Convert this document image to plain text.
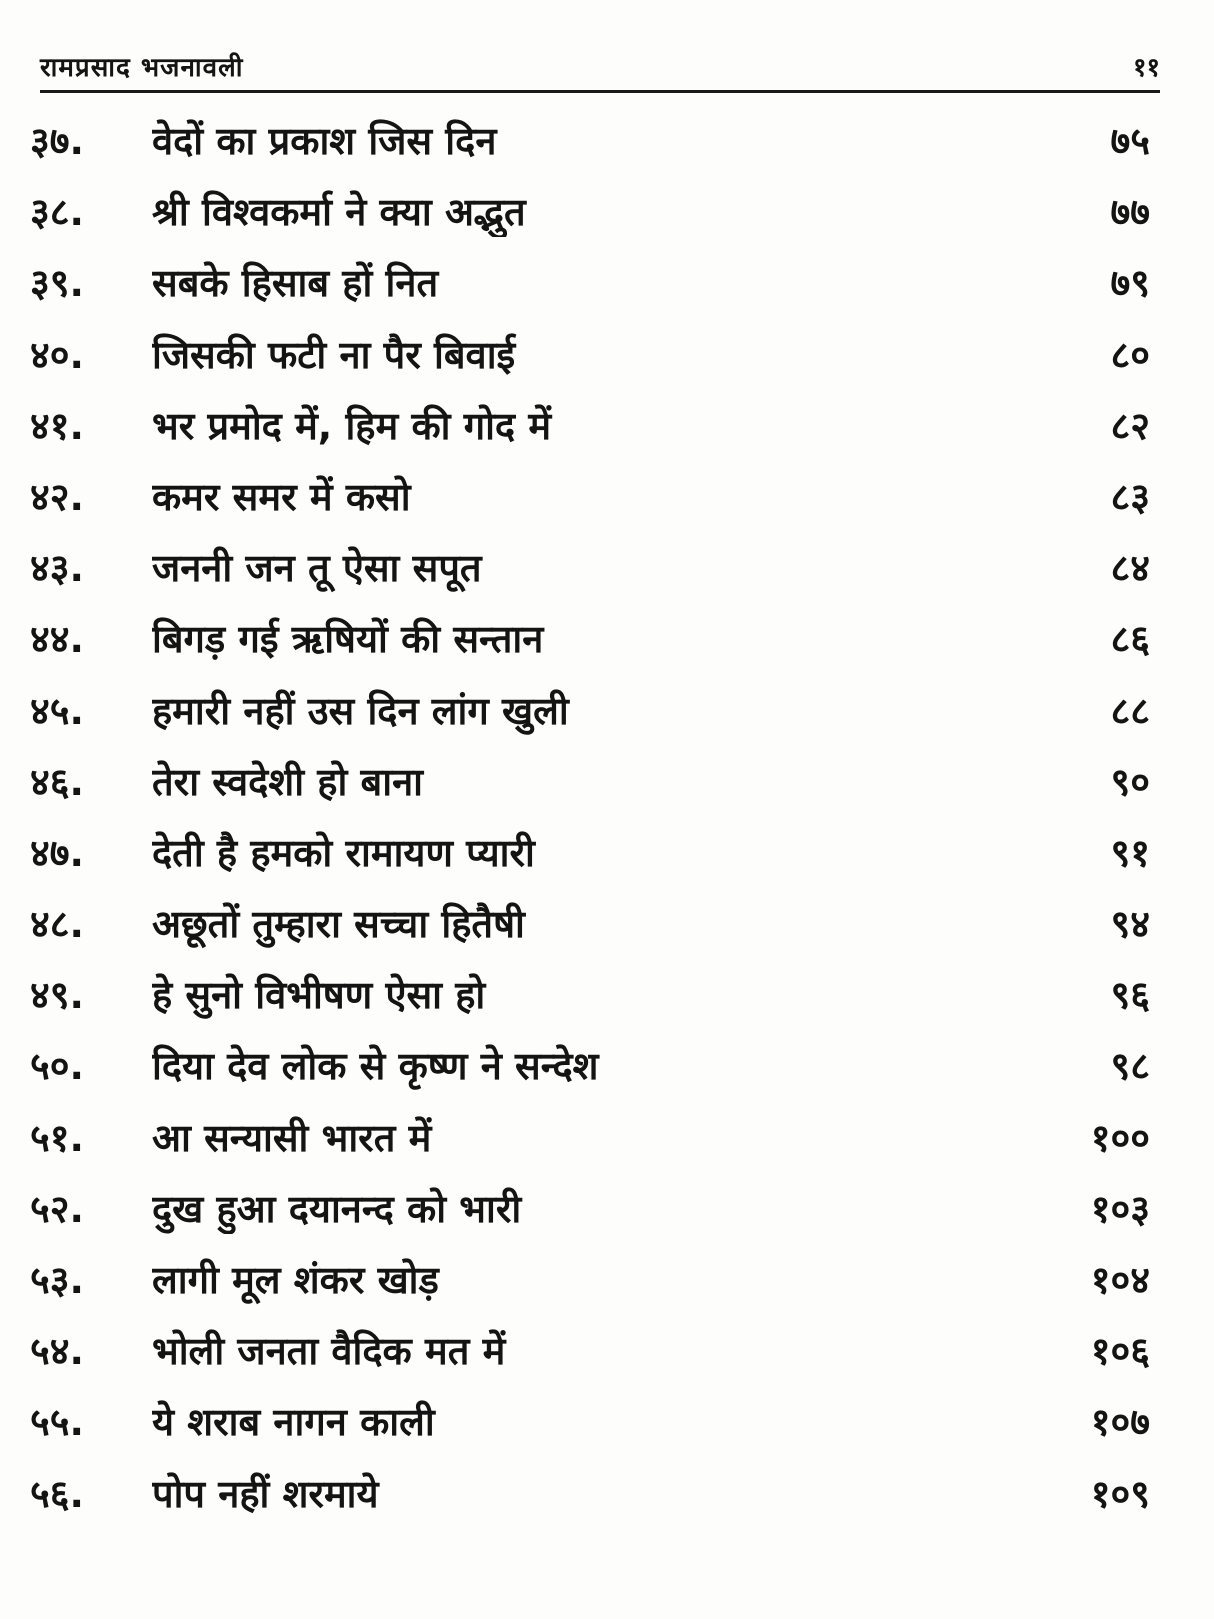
रामप्रसाद भजनावली	११
३७.	वेदों का प्रकाश जिस दिन	७५
३८.	श्री विश्वकर्मा ने क्या अद्भुत	७७
३९.	सबके हिसाब हों नित	७९
४०.	जिसकी फटी ना पैर बिवाई	८०
४१.	भर प्रमोद में, हिम की गोद में	८२
४२.	कमर समर में कसो	८३
४३.	जननी जन तू ऐसा सपूत	८४
४४.	बिगड़ गई ऋषियों की सन्तान	८६
४५.	हमारी नहीं उस दिन लांग खुली	८८
४६.	तेरा स्वदेशी हो बाना	९०
४७.	देती है हमको रामायण प्यारी	९१
४८.	अछूतों तुम्हारा सच्चा हितैषी	९४
४९.	हे सुनो विभीषण ऐसा हो	९६
५०.	दिया देव लोक से कृष्ण ने सन्देश	९८
५१.	आ सन्यासी भारत में	१००
५२.	दुख हुआ दयानन्द को भारी	१०३
५३.	लागी मूल शंकर खोड़	१०४
५४.	भोली जनता वैदिक मत में	१०६
५५.	ये शराब नागन काली	१०७
५६.	पोप नहीं शरमाये	१०९
